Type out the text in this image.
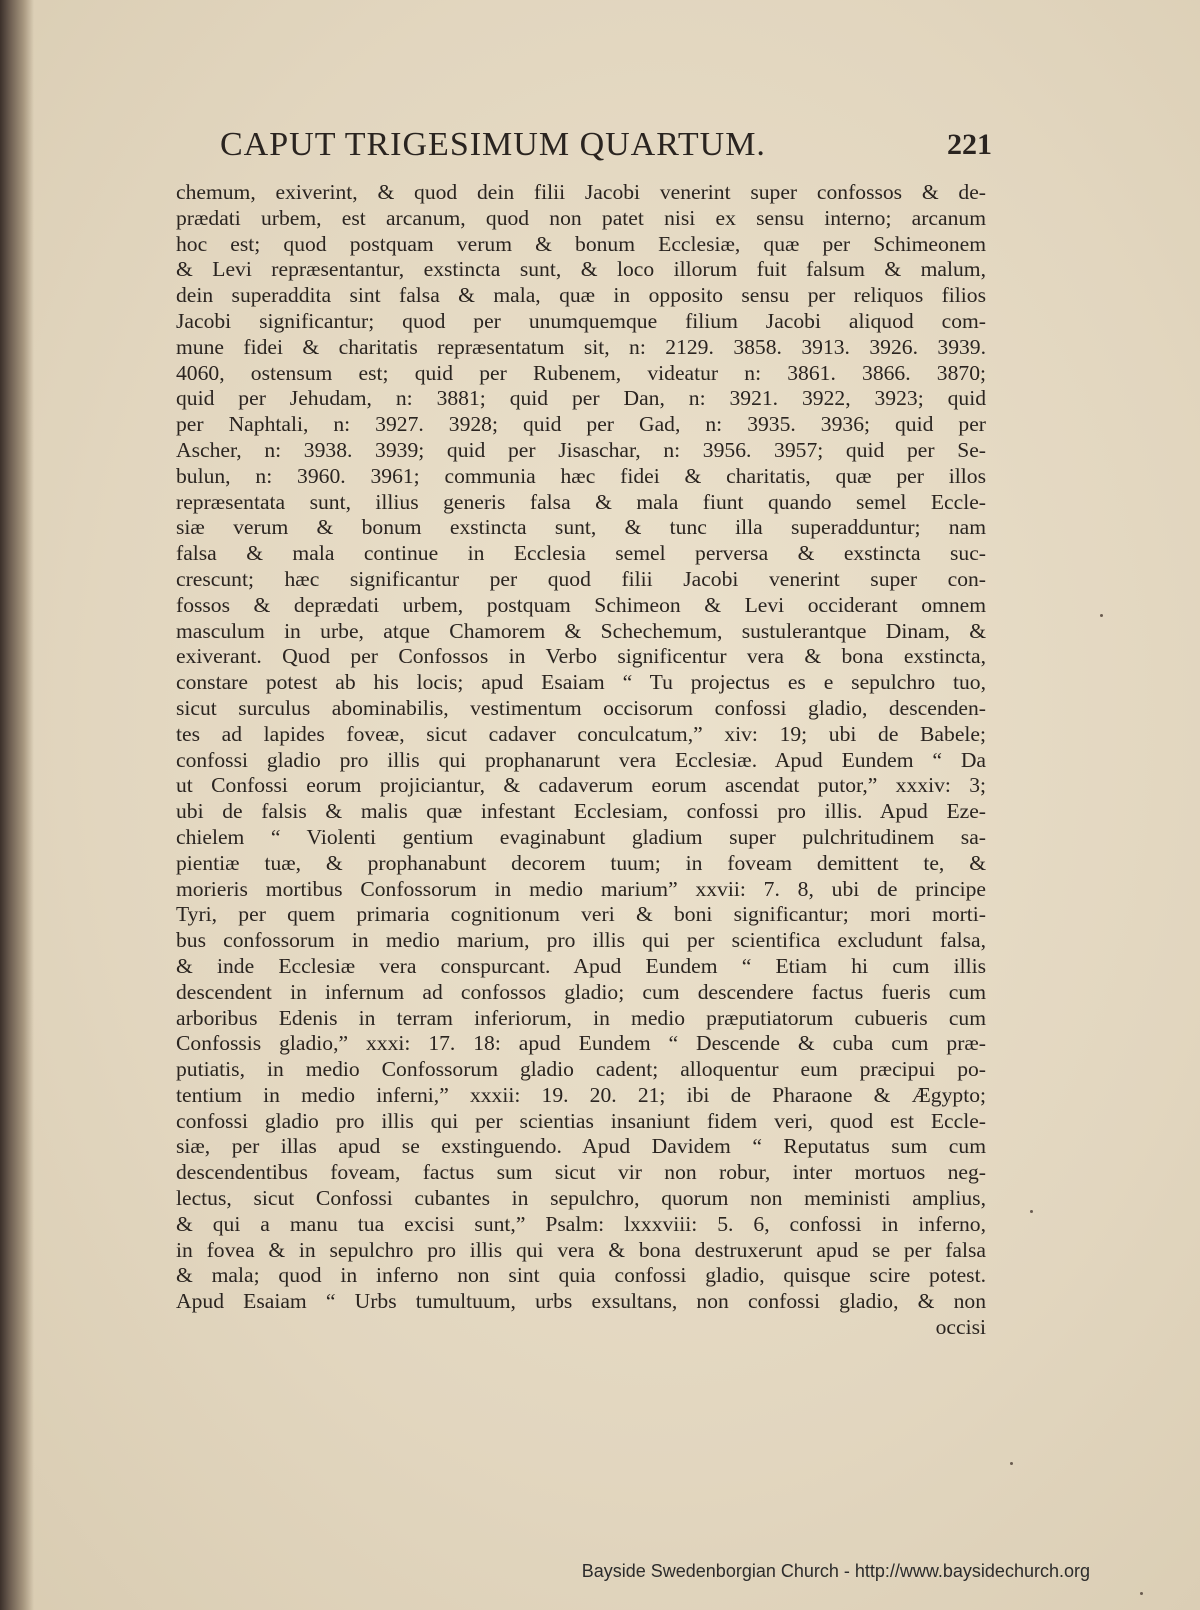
CAPUT TRIGESIMUM QUARTUM.	221
chemum, exiverint, & quod dein filii Jacobi venerint super confossos & de-
prædati urbem, est arcanum, quod non patet nisi ex sensu interno; arcanum
hoc est; quod postquam verum & bonum Ecclesiæ, quæ per Schimeonem
& Levi repræsentantur, exstincta sunt, & loco illorum fuit falsum & malum,
dein superaddita sint falsa & mala, quæ in opposito sensu per reliquos filios
Jacobi significantur; quod per unumquemque filium Jacobi aliquod com-
mune fidei & charitatis repræsentatum sit, n: 2129. 3858. 3913. 3926. 3939.
4060, ostensum est; quid per Rubenem, videatur n: 3861. 3866. 3870;
quid per Jehudam, n: 3881; quid per Dan, n: 3921. 3922, 3923; quid
per Naphtali, n: 3927. 3928; quid per Gad, n: 3935. 3936; quid per
Ascher, n: 3938. 3939; quid per Jisaschar, n: 3956. 3957; quid per Se-
bulun, n: 3960. 3961; communia hæc fidei & charitatis, quæ per illos
repræsentata sunt, illius generis falsa & mala fiunt quando semel Eccle-
siæ verum & bonum exstincta sunt, & tunc illa superadduntur; nam
falsa & mala continue in Ecclesia semel perversa & exstincta suc-
crescunt; hæc significantur per quod filii Jacobi venerint super con-
fossos & deprædati urbem, postquam Schimeon & Levi occiderant omnem
masculum in urbe, atque Chamorem & Schechemum, sustulerantque Dinam, &
exiverant. Quod per Confossos in Verbo significentur vera & bona exstincta,
constare potest ab his locis; apud Esaiam “ Tu projectus es e sepulchro tuo,
sicut surculus abominabilis, vestimentum occisorum confossi gladio, descenden-
tes ad lapides foveæ, sicut cadaver conculcatum,” xiv: 19; ubi de Babele;
confossi gladio pro illis qui prophanarunt vera Ecclesiæ. Apud Eundem “ Da
ut Confossi eorum projiciantur, & cadaverum eorum ascendat putor,” xxxiv: 3;
ubi de falsis & malis quæ infestant Ecclesiam, confossi pro illis. Apud Eze-
chielem “ Violenti gentium evaginabunt gladium super pulchritudinem sa-
pientiæ tuæ, & prophanabunt decorem tuum; in foveam demittent te, &
morieris mortibus Confossorum in medio marium” xxvii: 7. 8, ubi de principe
Tyri, per quem primaria cognitionum veri & boni significantur; mori morti-
bus confossorum in medio marium, pro illis qui per scientifica excludunt falsa,
& inde Ecclesiæ vera conspurcant. Apud Eundem “ Etiam hi cum illis
descendent in infernum ad confossos gladio; cum descendere factus fueris cum
arboribus Edenis in terram inferiorum, in medio præputiatorum cubueris cum
Confossis gladio,” xxxi: 17. 18: apud Eundem “ Descende & cuba cum præ-
putiatis, in medio Confossorum gladio cadent; alloquentur eum præcipui po-
tentium in medio inferni,” xxxii: 19. 20. 21; ibi de Pharaone & Ægypto;
confossi gladio pro illis qui per scientias insaniunt fidem veri, quod est Eccle-
siæ, per illas apud se exstinguendo. Apud Davidem “ Reputatus sum cum
descendentibus foveam, factus sum sicut vir non robur, inter mortuos neg-
lectus, sicut Confossi cubantes in sepulchro, quorum non meministi amplius,
& qui a manu tua excisi sunt,” Psalm: lxxxviii: 5. 6, confossi in inferno,
in fovea & in sepulchro pro illis qui vera & bona destruxerunt apud se per falsa
& mala; quod in inferno non sint quia confossi gladio, quisque scire potest.
Apud Esaiam “ Urbs tumultuum, urbs exsultans, non confossi gladio, & non
occisi
Bayside Swedenborgian Church - http://www.baysidechurch.org
